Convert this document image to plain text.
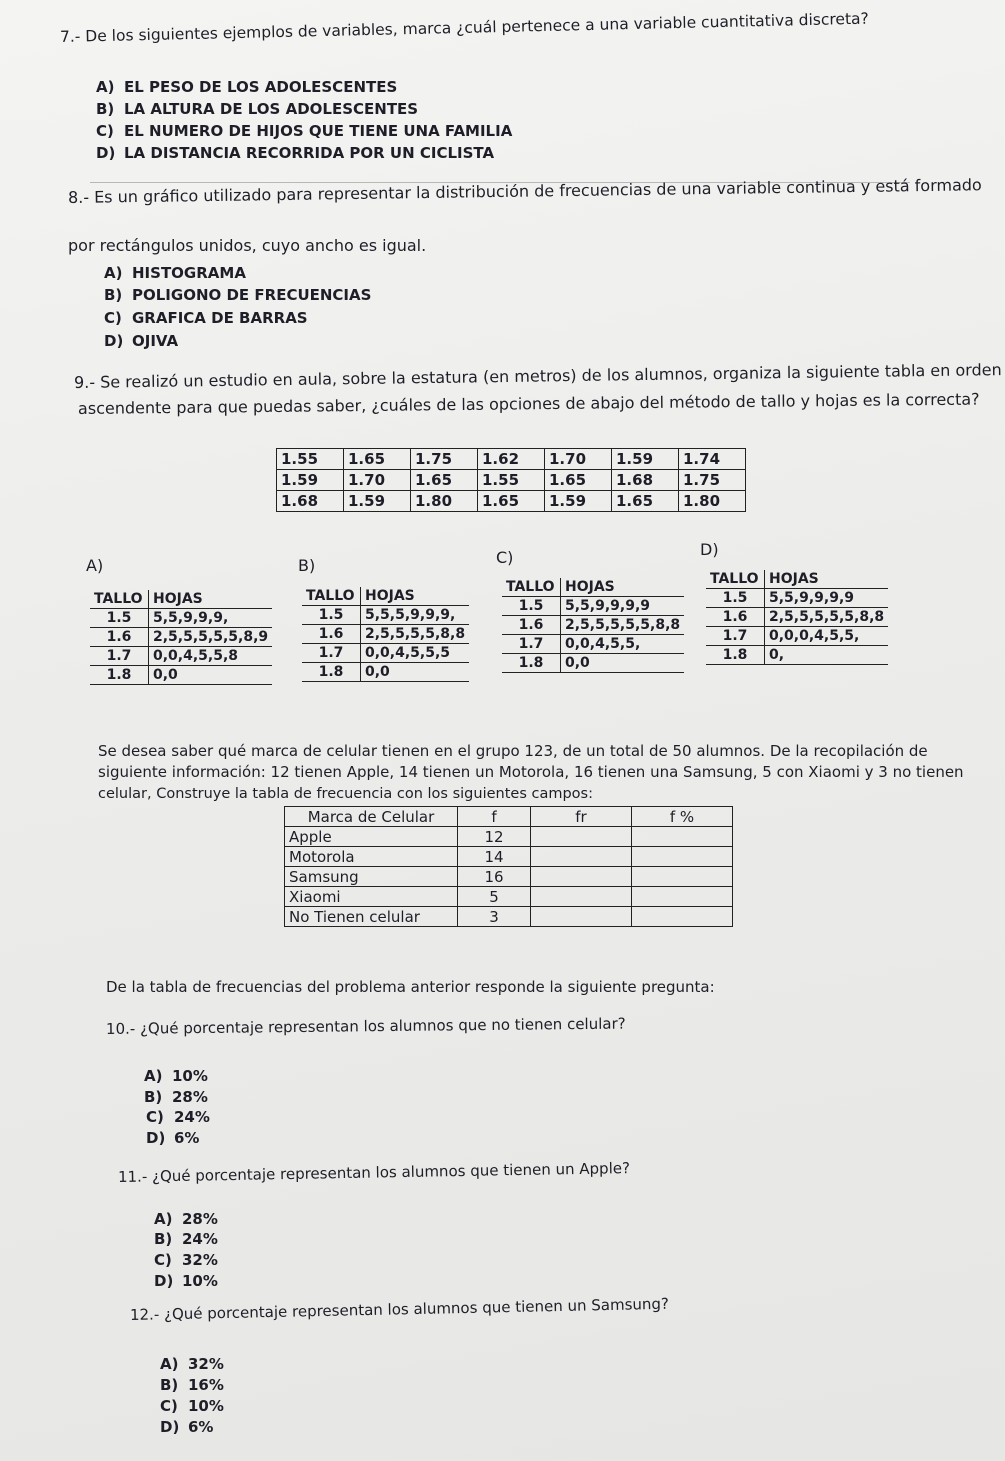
7.- De los siguientes ejemplos de variables, marca ¿cuál pertenece a una variable cuantitativa discreta?
A) EL PESO DE LOS ADOLESCENTES
B) LA ALTURA DE LOS ADOLESCENTES
C) EL NUMERO DE HIJOS QUE TIENE UNA FAMILIA
D) LA DISTANCIA RECORRIDA POR UN CICLISTA
8.- Es un gráfico utilizado para representar la distribución de frecuencias de una variable continua y está formado
por rectángulos unidos, cuyo ancho es igual.
A) HISTOGRAMA
B) POLIGONO DE FRECUENCIAS
C) GRAFICA DE BARRAS
D) OJIVA
9.- Se realizó un estudio en aula, sobre la estatura (en metros) de los alumnos, organiza la siguiente tabla en orden
ascendente para que puedas saber, ¿cuáles de las opciones de abajo del método de tallo y hojas es la correcta?
1.55	1.65	1.75	1.62	1.70	1.59	1.74
1.59	1.70	1.65	1.55	1.65	1.68	1.75
1.68	1.59	1.80	1.65	1.59	1.65	1.80
A)	B)	C)	D)
TALLO	HOJAS
1.5	5,5,9,9,9,
1.6	2,5,5,5,5,5,8,9
1.7	0,0,4,5,5,8
1.8	0,0
TALLO	HOJAS
1.5	5,5,5,9,9,9,
1.6	2,5,5,5,5,8,8
1.7	0,0,4,5,5,5
1.8	0,0
TALLO	HOJAS
1.5	5,5,9,9,9,9
1.6	2,5,5,5,5,5,8,8
1.7	0,0,4,5,5,
1.8	0,0
TALLO	HOJAS
1.5	5,5,9,9,9,9
1.6	2,5,5,5,5,5,8,8
1.7	0,0,0,4,5,5,
1.8	0,
Se desea saber qué marca de celular tienen en el grupo 123, de un total de 50 alumnos. De la recopilación de
siguiente información: 12 tienen Apple, 14 tienen un Motorola, 16 tienen una Samsung, 5 con Xiaomi y 3 no tienen
celular, Construye la tabla de frecuencia con los siguientes campos:
Marca de Celular	f	fr	f %
Apple	12		
Motorola	14		
Samsung	16		
Xiaomi	5		
No Tienen celular	3		
De la tabla de frecuencias del problema anterior responde la siguiente pregunta:
10.- ¿Qué porcentaje representan los alumnos que no tienen celular?
A) 10%
B) 28%
C) 24%
D) 6%
11.- ¿Qué porcentaje representan los alumnos que tienen un Apple?
A) 28%
B) 24%
C) 32%
D) 10%
12.- ¿Qué porcentaje representan los alumnos que tienen un Samsung?
A) 32%
B) 16%
C) 10%
D) 6%
